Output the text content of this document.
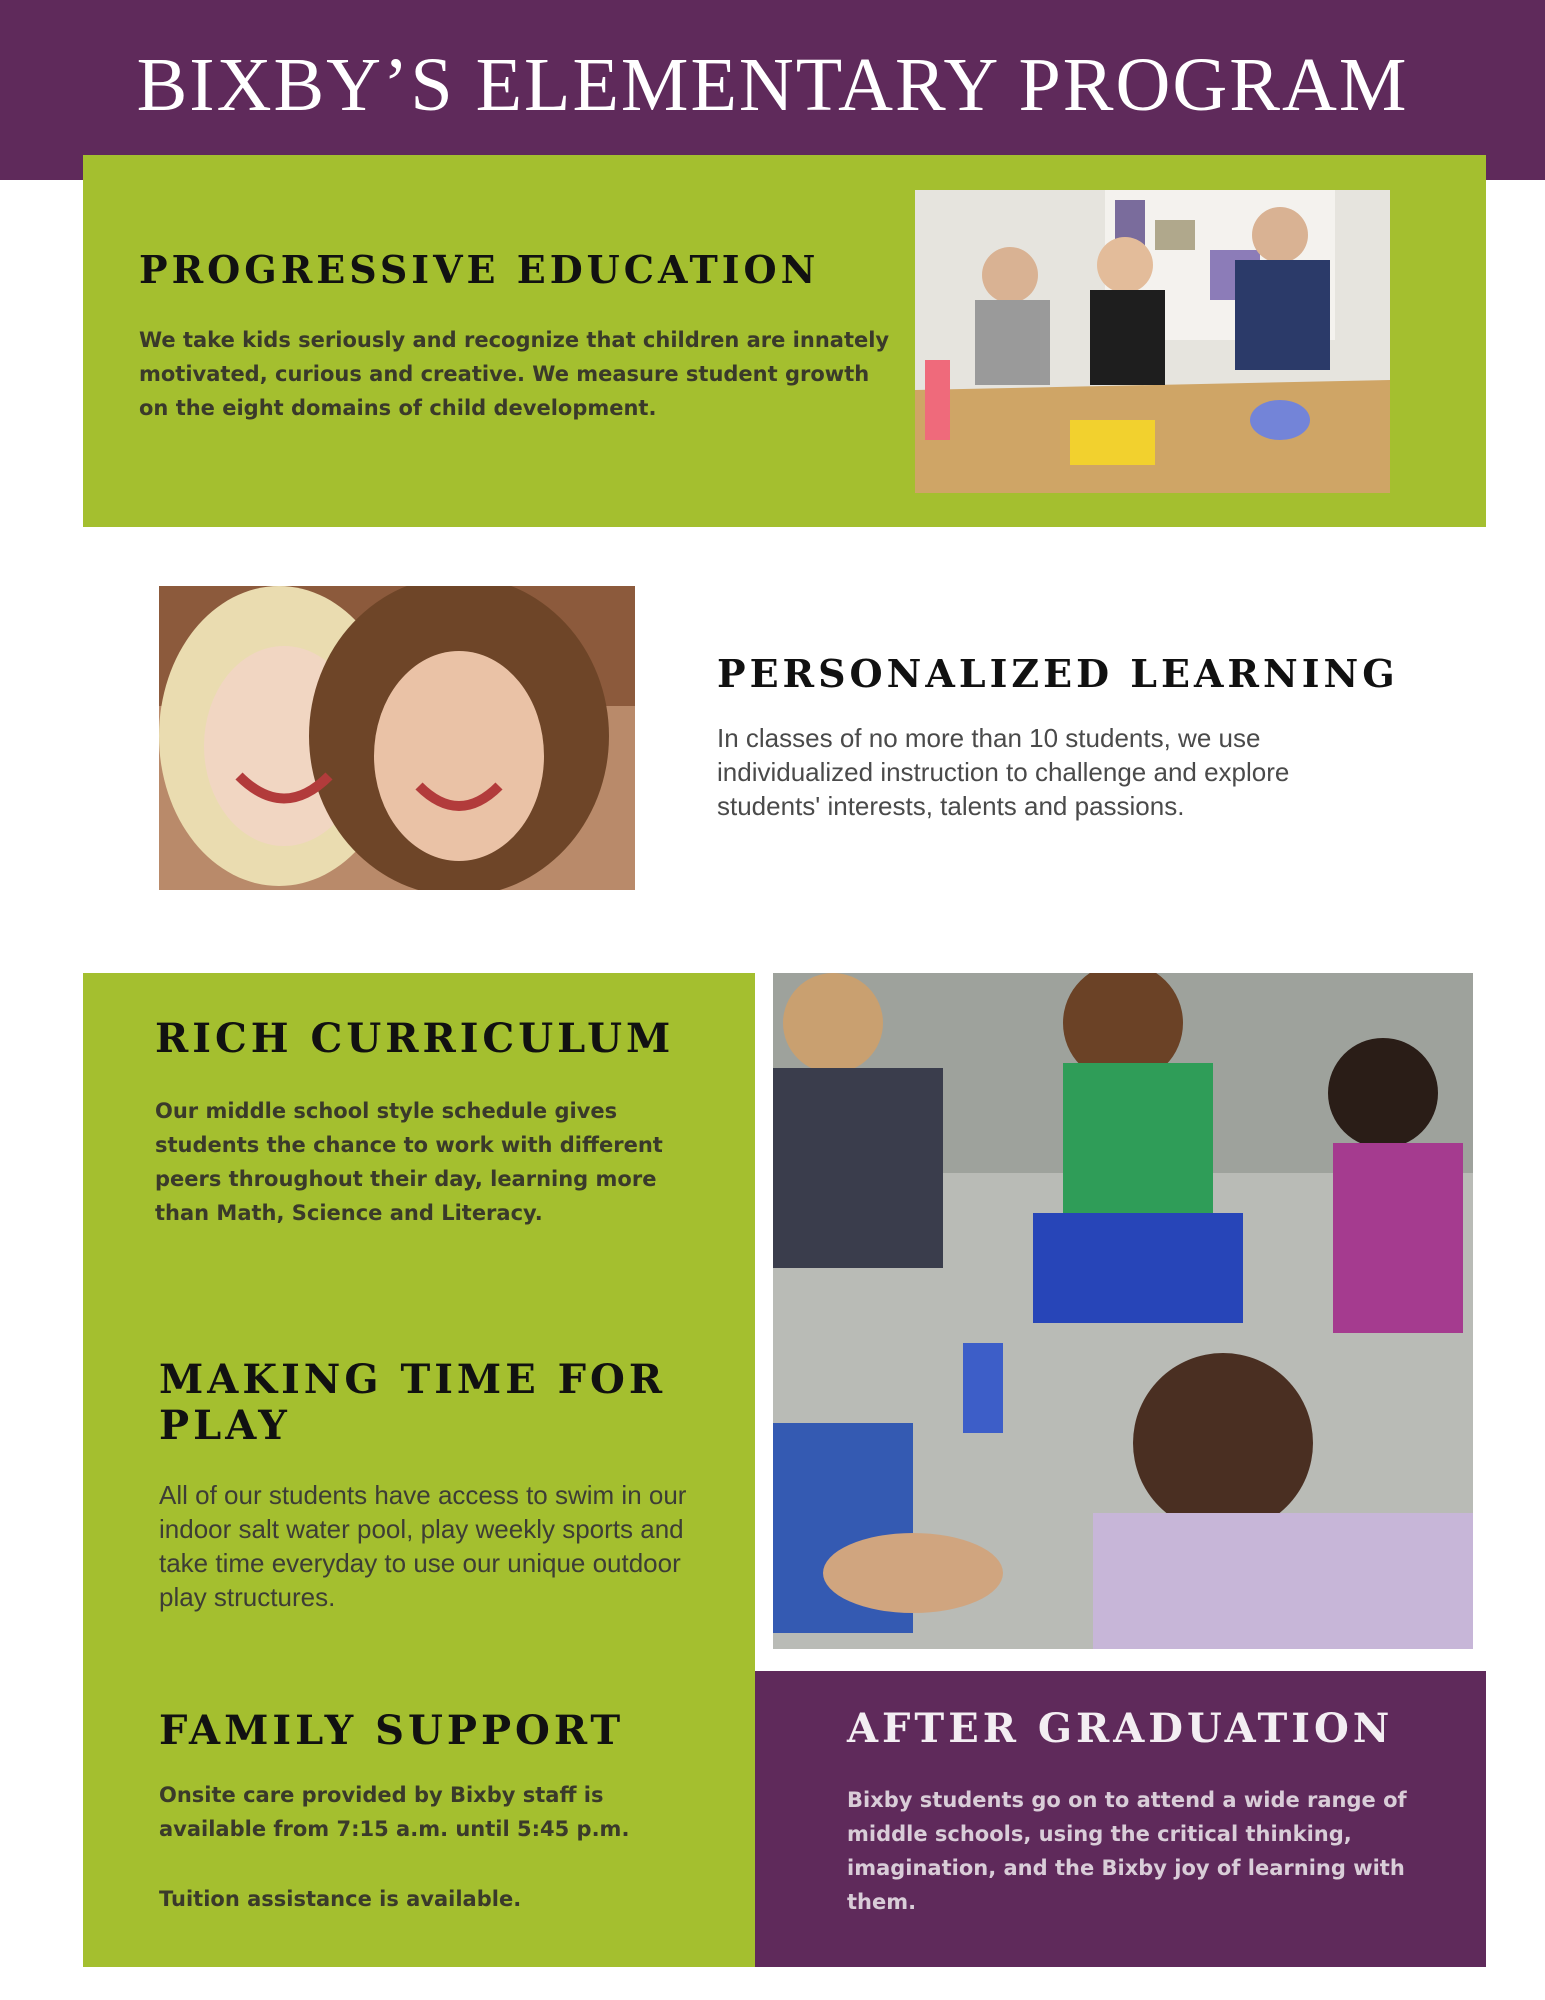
BIXBY’S ELEMENTARY PROGRAM
PROGRESSIVE EDUCATION
We take kids seriously and recognize that children are innately motivated, curious and creative. We measure student growth on the eight domains of child development.
PERSONALIZED LEARNING
In classes of no more than 10 students, we use individualized instruction to challenge and explore students' interests, talents and passions.
RICH CURRICULUM
Our middle school style schedule gives students the chance to work with different peers throughout their day, learning more than Math, Science and Literacy.
MAKING TIME FOR
PLAY
All of our students have access to swim in our indoor salt water pool, play weekly sports and take time everyday to use our unique outdoor play structures.
FAMILY SUPPORT
Onsite care provided by Bixby staff is available from 7:15 a.m. until 5:45 p.m.
Tuition assistance is available.
AFTER GRADUATION
Bixby students go on to attend a wide range of middle schools, using the critical thinking, imagination, and the Bixby joy of learning with them.
